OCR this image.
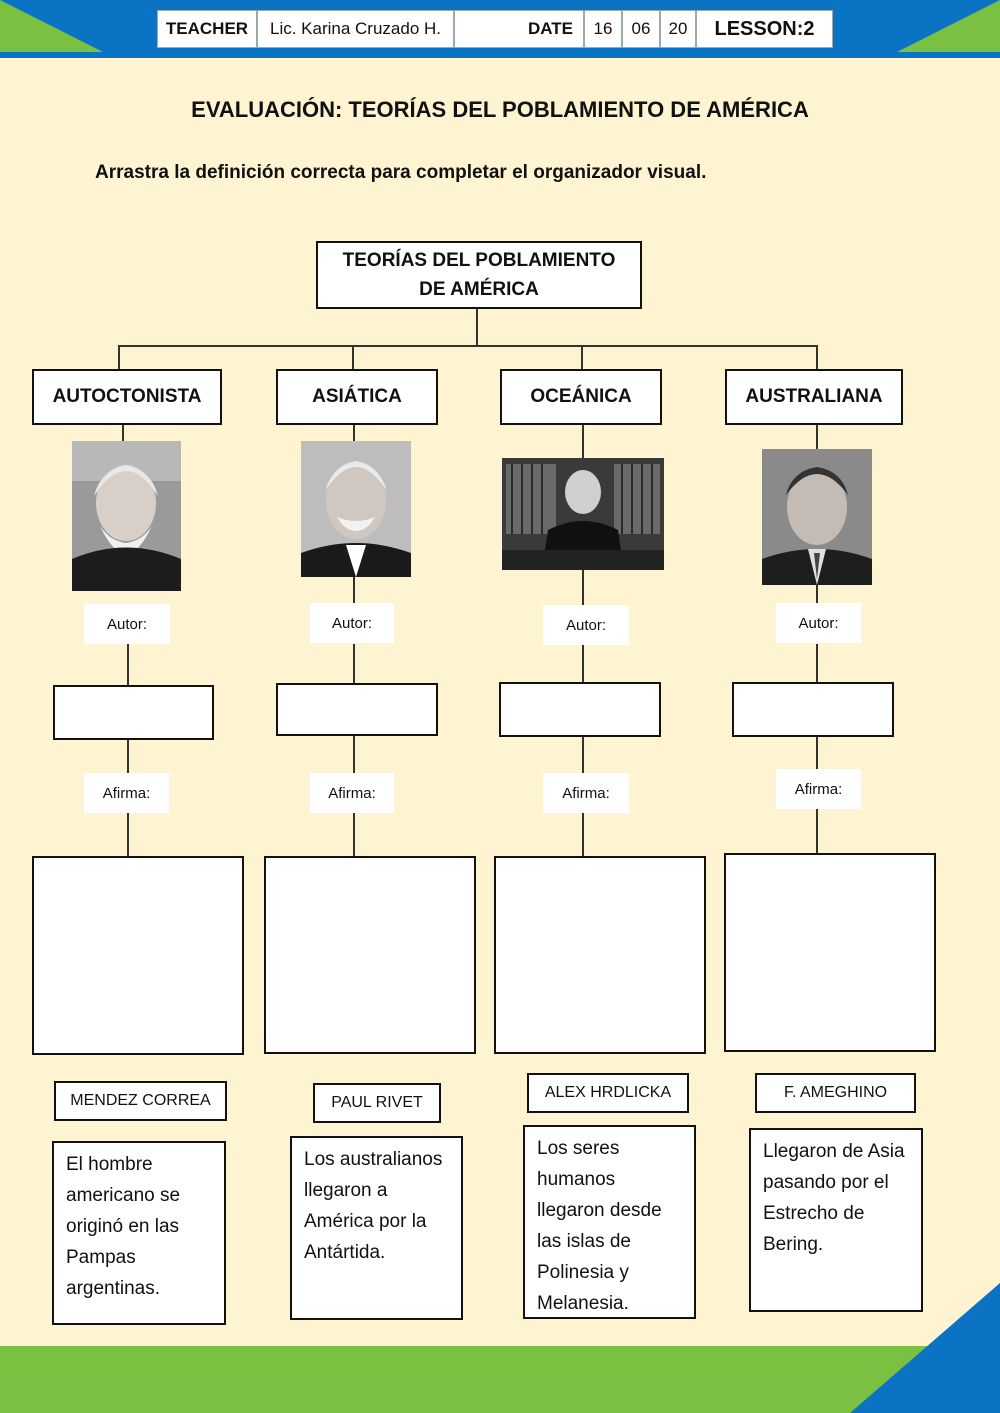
TEACHER	Lic. Karina Cruzado H.	DATE	16	06	20	LESSON:2
EVALUACIÓN: TEORÍAS DEL POBLAMIENTO DE AMÉRICA
Arrastra la definición correcta para completar el organizador visual.
TEORÍAS DEL POBLAMIENTO
DE AMÉRICA
AUTOCTONISTA	ASIÁTICA	OCEÁNICA	AUSTRALIANA
Autor:	Autor:	Autor:	Autor:
Afirma:	Afirma:	Afirma:	Afirma:
MENDEZ CORREA	PAUL RIVET
ALEX HRDLICKA	F. AMEGHINO
El hombre americano se originó en las Pampas argentinas.
Los australianos llegaron a América por la Antártida.
Los seres humanos llegaron desde las islas de Polinesia y Melanesia.
Llegaron de Asia pasando por el Estrecho de Bering.
